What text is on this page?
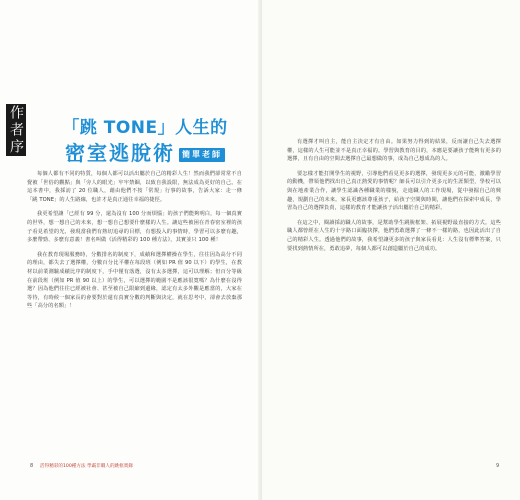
作者序	「跳 TONE」人生的
密室逃脫術 簡單老師

每個人都有不同的特質，每個人都可以活出屬於自己的精彩人生！然而我們卻常常不自覺被「世俗的觀點」與「旁人的眼光」牢牢禁錮，以致自我設限，無法成為更好的自己。在這本書中，我採訪了 20 位職人，藉由他們不按「常規」行事的故事，告訴大家：走一條「跳 TONE」的人生路線，也許才是真正通往幸福的捷徑。

我更希望讓「已經有 99 分，還為沒有 100 分而煩惱」的孩子們能夠明白，每一個真實的世界，想一想自己的未來，想一想自己想要什麼樣的人生。讓這些被困在青春密室裡的孩子看見希望的光，發現當我們有熱切追尋的目標，有想投入的事情時，學習可以多麼有趣，多麼帶勁、多麼有意義！書名叫做《活得精彩的 100 種方法》，其實並只 100 種！

我在教育現場服務時，分數排名的制度下，成績和選擇權操在學生，往往因為高分不同的理由，都失去了選擇權，分數百分比平權在每段班（例如 PR 值 90 以下）的學生，在教材以前業測驗成績比序的制度下，手中僅有落選，沒有太多選擇，這可以理解；但百分等級在前段班（例如 PR 值 90 以上）的學生，可以選擇的範圍不是應該很寬嗎？為什麼在沒得選？因為他們往往已經被社會、甚至被自己限縮到邊緣，認定有太多外觀是應當的，大家在等待，有時候一個家長的會要對於還有真實分數的判斷與決定，就在思考中，卻會去放棄那些「高分的名額」！

8 活得精彩的100種方法 學霸非職人的跳框實錄

有選擇才叫自主，能自主決定才有自由。如果努力得到的結果，反而讓自己失去選擇權，這樣的人生可能並不是真正幸福的。學習與教育的目的，本應是要讓孩子能夠有更多的選擇，且有自由的空間去選擇自己最想做的事，成為自己想成為的人。

要怎樣才能打開學生的視野，引導他們看見更多的選擇，發現更多元的可能，激勵學習的動機，帶領他們找出自己真正熱愛的事情呢？師長可以引介更多元的生涯類型，學校可以與在地產業合作，讓學生認識各種職業的樣貌，走進職人的工作現場，從中發掘自己的興趣，規劃自己的未來。家長更應該尊重孩子，給孩子空間與時間，讓他們在探索中成長，學習為自己的選擇負責，這樣的教育才能讓孩子活出屬於自己的精彩。

在這之中，閱讀採訪職人的故事，是幫助學生跳脫框架、拓展視野最直接的方式。這些職人都曾經在人生的十字路口面臨抉擇，他們勇敢選擇了一條不一樣的路，也因此活出了自己的精彩人生。透過他們的故事，我希望讓更多的孩子與家長看見：人生沒有標準答案，只要找到熱情所在，勇敢追夢，每個人都可以創造屬於自己的成功。

9
